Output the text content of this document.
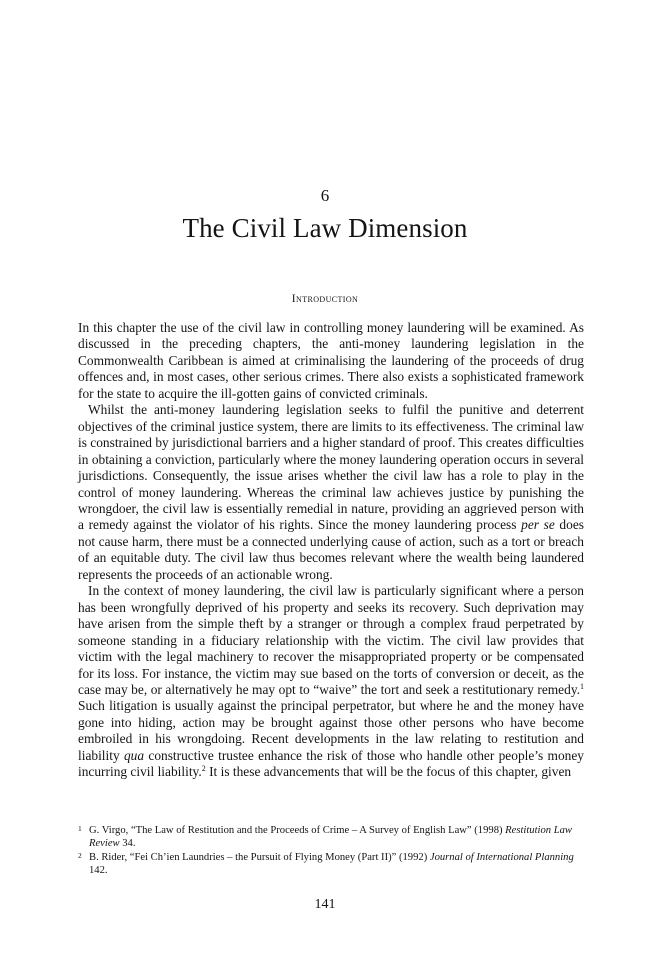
6
The Civil Law Dimension
Introduction

In this chapter the use of the civil law in controlling money laundering will be examined. As discussed in the preceding chapters, the anti-money laundering legislation in the Commonwealth Caribbean is aimed at criminalising the laundering of the proceeds of drug offences and, in most cases, other serious crimes. There also exists a sophisticated framework for the state to acquire the ill-gotten gains of convicted criminals.

Whilst the anti-money laundering legislation seeks to fulfil the punitive and deterrent objectives of the criminal justice system, there are limits to its effectiveness. The criminal law is constrained by jurisdictional barriers and a higher standard of proof. This creates difficulties in obtaining a conviction, particularly where the money laundering operation occurs in several jurisdictions. Consequently, the issue arises whether the civil law has a role to play in the control of money laundering. Whereas the criminal law achieves justice by punishing the wrongdoer, the civil law is essentially remedial in nature, providing an aggrieved person with a remedy against the violator of his rights. Since the money laundering process per se does not cause harm, there must be a connected underlying cause of action, such as a tort or breach of an equitable duty. The civil law thus becomes relevant where the wealth being laundered represents the proceeds of an actionable wrong.

In the context of money laundering, the civil law is particularly significant where a person has been wrongfully deprived of his property and seeks its recovery. Such deprivation may have arisen from the simple theft by a stranger or through a complex fraud perpetrated by someone standing in a fiduciary relationship with the victim. The civil law provides that victim with the legal machinery to recover the misappropriated property or be compensated for its loss. For instance, the victim may sue based on the torts of conversion or deceit, as the case may be, or alternatively he may opt to “waive” the tort and seek a restitutionary remedy.$^1$ Such litigation is usually against the principal perpetrator, but where he and the money have gone into hiding, action may be brought against those other persons who have become embroiled in his wrongdoing. Recent developments in the law relating to restitution and liability qua constructive trustee enhance the risk of those who handle other people’s money incurring civil liability.$^2$ It is these advancements that will be the focus of this chapter, given

1 G. Virgo, “The Law of Restitution and the Proceeds of Crime – A Survey of English Law” (1998) Restitution Law Review 34.
2 B. Rider, “Fei Ch’ien Laundries – the Pursuit of Flying Money (Part II)” (1992) Journal of International Planning 142.
141
